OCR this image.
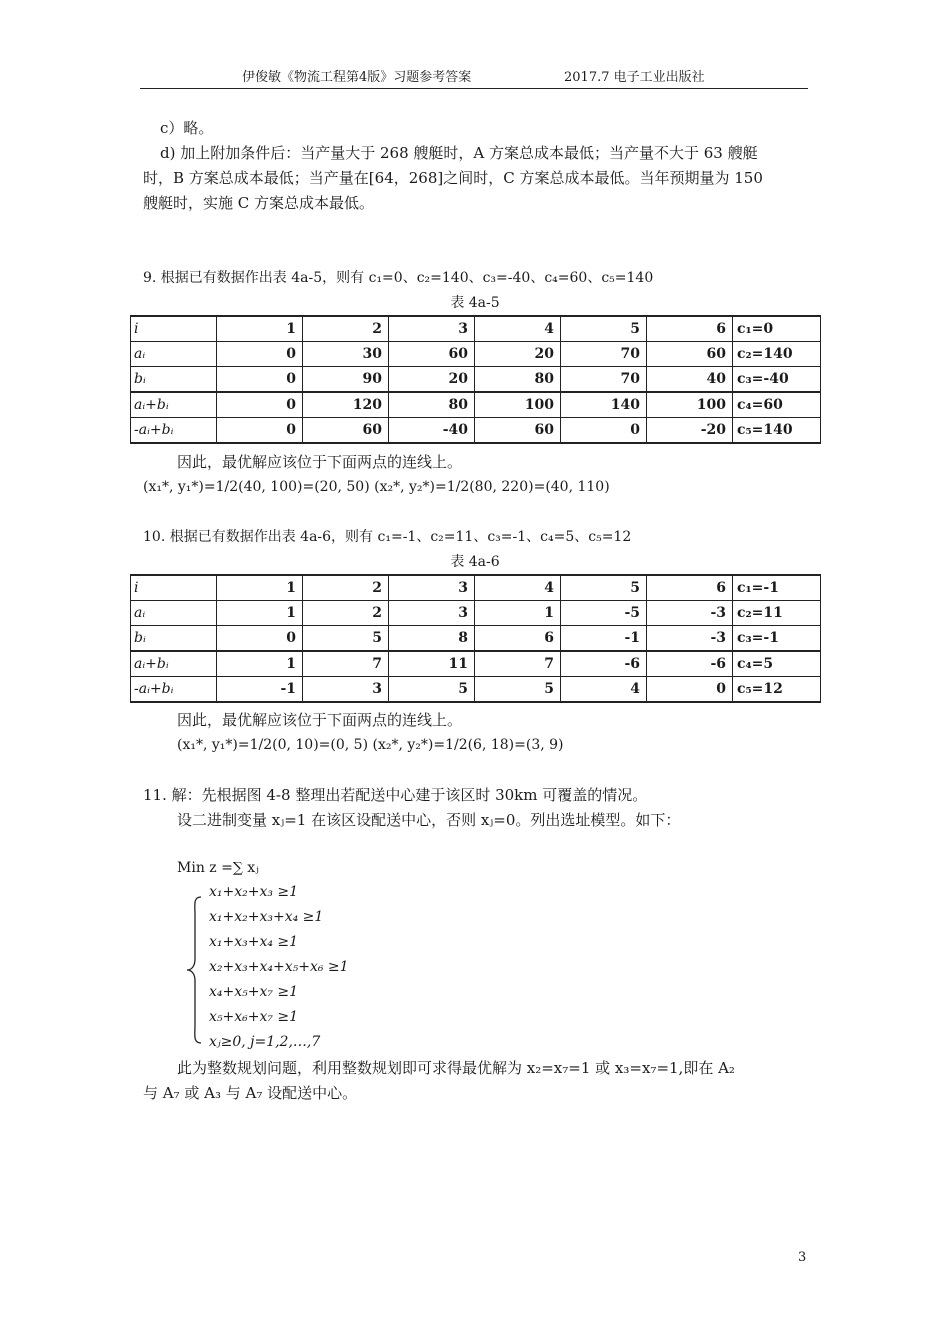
伊俊敏《物流工程第4版》习题参考答案	2017.7 电子工业出版社
c）略。
d) 加上附加条件后：当产量大于 268 艘艇时，A 方案总成本最低；当产量不大于 63 艘艇
时，B 方案总成本最低；当产量在[64，268]之间时，C 方案总成本最低。当年预期量为 150
艘艇时，实施 C 方案总成本最低。
9. 根据已有数据作出表 4a-5，则有 c₁=0、c₂=140、c₃=-40、c₄=60、c₅=140
表 4a-5
i	1	2	3	4	5	6	c₁=0
aᵢ	0	30	60	20	70	60	c₂=140
bᵢ	0	90	20	80	70	40	c₃=-40
aᵢ+bᵢ	0	120	80	100	140	100	c₄=60
-aᵢ+bᵢ	0	60	-40	60	0	-20	c₅=140
因此，最优解应该位于下面两点的连线上。
(x₁*, y₁*)=1/2(40, 100)=(20, 50) (x₂*, y₂*)=1/2(80, 220)=(40, 110)
10. 根据已有数据作出表 4a-6，则有 c₁=-1、c₂=11、c₃=-1、c₄=5、c₅=12
表 4a-6
i	1	2	3	4	5	6	c₁=-1
aᵢ	1	2	3	1	-5	-3	c₂=11
bᵢ	0	5	8	6	-1	-3	c₃=-1
aᵢ+bᵢ	1	7	11	7	-6	-6	c₄=5
-aᵢ+bᵢ	-1	3	5	5	4	0	c₅=12
因此，最优解应该位于下面两点的连线上。
(x₁*, y₁*)=1/2(0, 10)=(0, 5) (x₂*, y₂*)=1/2(6, 18)=(3, 9)
11. 解：先根据图 4-8 整理出若配送中心建于该区时 30km 可覆盖的情况。
设二进制变量 xⱼ=1 在该区设配送中心，否则 xⱼ=0。列出选址模型。如下：
Min z =∑ xⱼ
x₁+x₂+x₃ ≥1
x₁+x₂+x₃+x₄ ≥1
x₁+x₃+x₄ ≥1
x₂+x₃+x₄+x₅+x₆ ≥1
x₄+x₅+x₇ ≥1
x₅+x₆+x₇ ≥1
xⱼ≥0, j=1,2,…,7
此为整数规划问题，利用整数规划即可求得最优解为 x₂=x₇=1 或 x₃=x₇=1,即在 A₂
与 A₇ 或 A₃ 与 A₇ 设配送中心。
3
